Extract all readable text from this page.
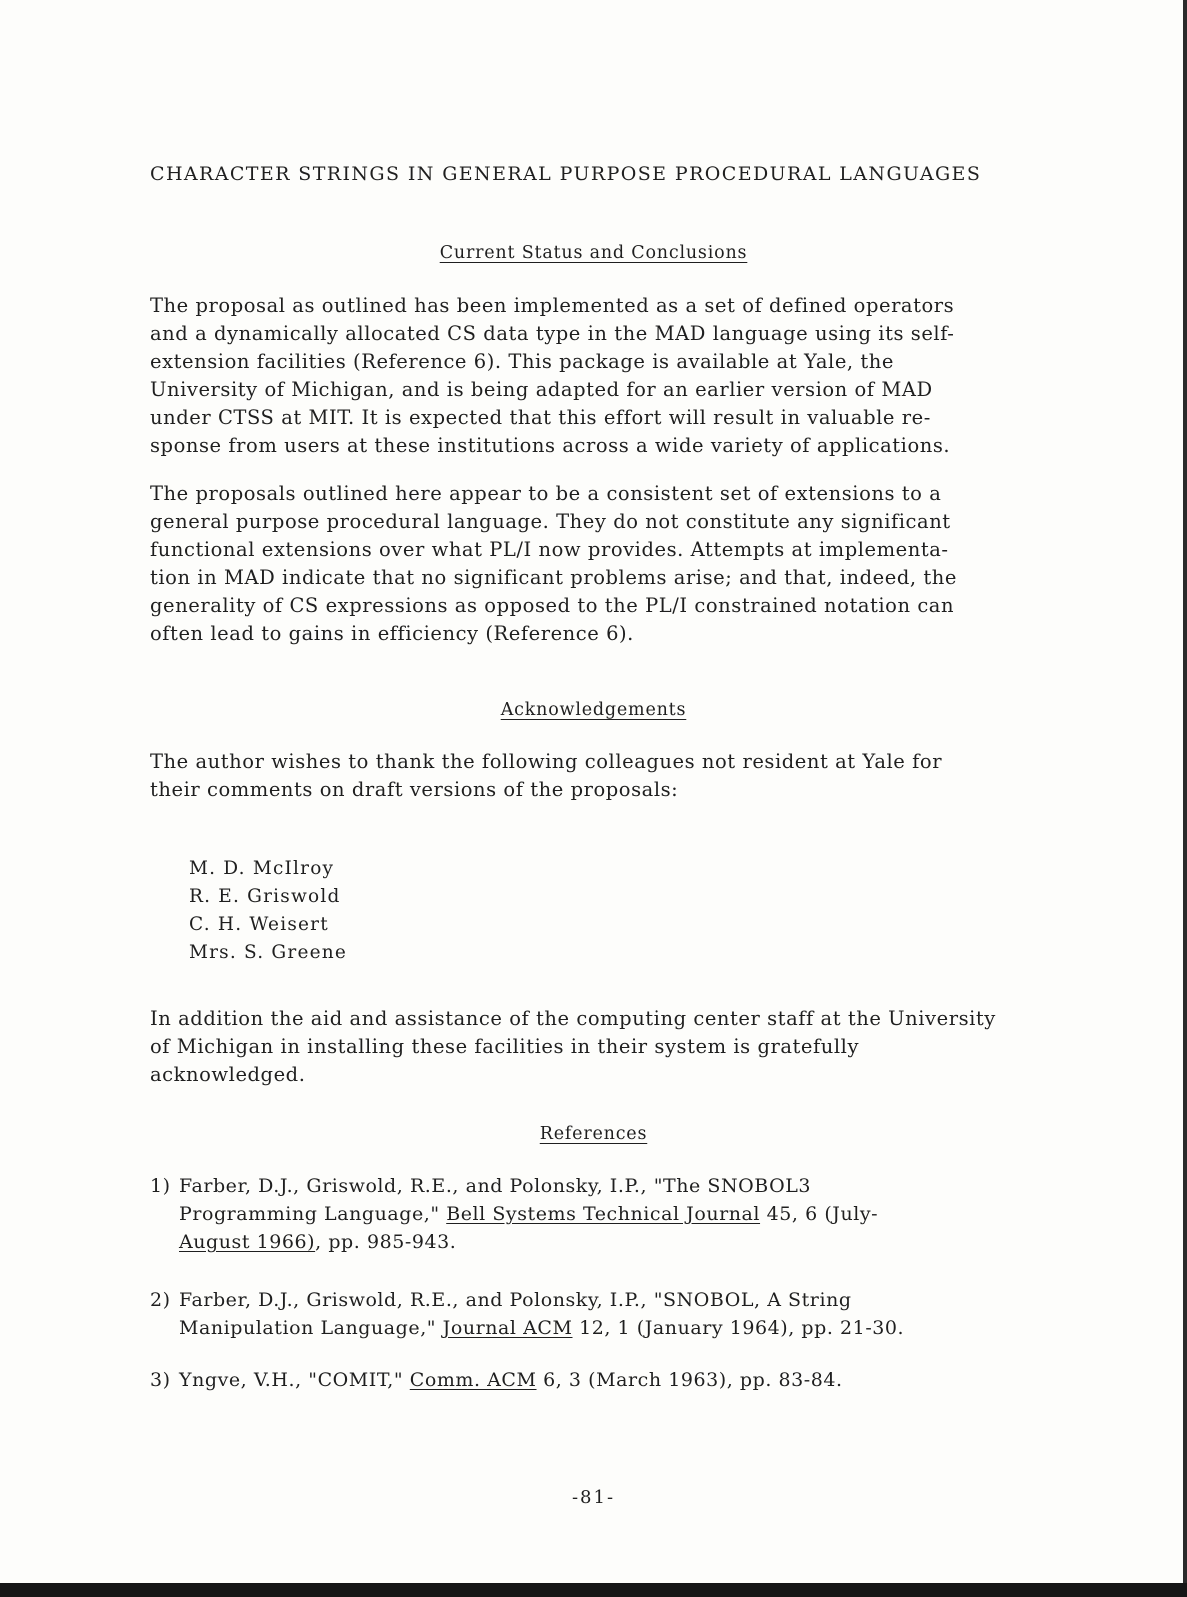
CHARACTER STRINGS IN GENERAL PURPOSE PROCEDURAL LANGUAGES
Current Status and Conclusions

The proposal as outlined has been implemented as a set of defined operators
and a dynamically allocated CS data type in the MAD language using its self-
extension facilities (Reference 6). This package is available at Yale, the
University of Michigan, and is being adapted for an earlier version of MAD
under CTSS at MIT. It is expected that this effort will result in valuable re-
sponse from users at these institutions across a wide variety of applications.

The proposals outlined here appear to be a consistent set of extensions to a
general purpose procedural language. They do not constitute any significant
functional extensions over what PL/I now provides. Attempts at implementa-
tion in MAD indicate that no significant problems arise; and that, indeed, the
generality of CS expressions as opposed to the PL/I constrained notation can
often lead to gains in efficiency (Reference 6).

Acknowledgements

The author wishes to thank the following colleagues not resident at Yale for
their comments on draft versions of the proposals:

M. D. McIlroy
R. E. Griswold
C. H. Weisert
Mrs. S. Greene

In addition the aid and assistance of the computing center staff at the University
of Michigan in installing these facilities in their system is gratefully
acknowledged.

References
1) Farber, D.J., Griswold, R.E., and Polonsky, I.P., "The SNOBOL3
Programming Language," Bell Systems Technical Journal 45, 6 (July-
August 1966), pp. 985-943.
2) Farber, D.J., Griswold, R.E., and Polonsky, I.P., "SNOBOL, A String
Manipulation Language," Journal ACM 12, 1 (January 1964), pp. 21-30.
3) Yngve, V.H., "COMIT," Comm. ACM 6, 3 (March 1963), pp. 83-84.
-81-
